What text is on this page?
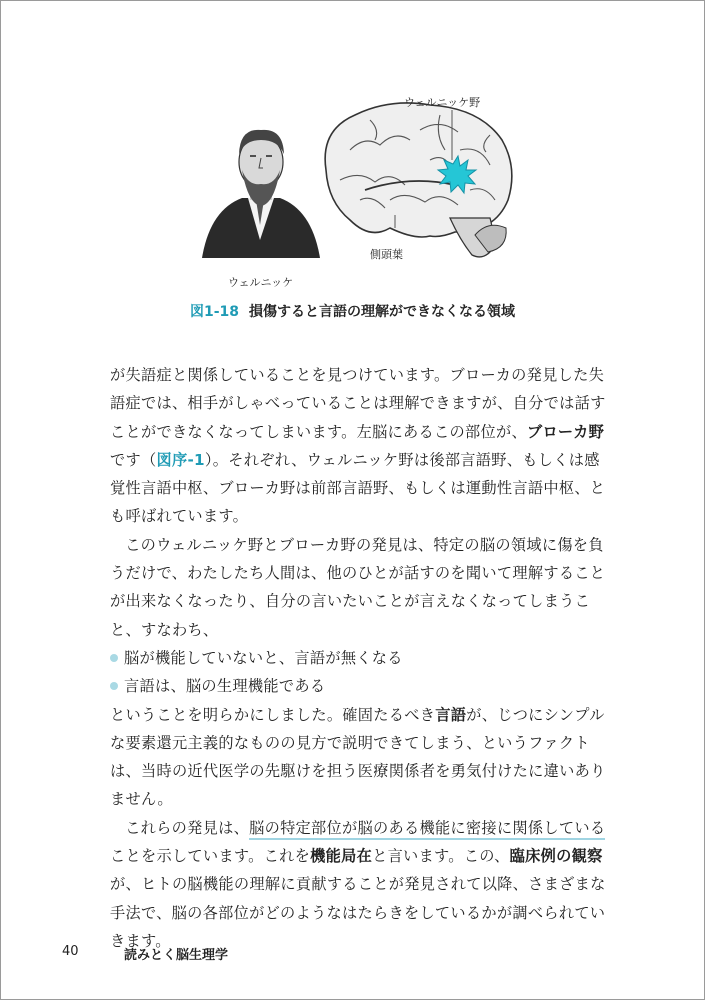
ウェルニッケ野
側頭葉
ウェルニッケ
図1-18 損傷すると言語の理解ができなくなる領域

が失語症と関係していることを見つけています。ブローカの発見した失語症では、相手がしゃべっていることは理解できますが、自分では話すことができなくなってしまいます。左脳にあるこの部位が、ブローカ野です（図序-1）。それぞれ、ウェルニッケ野は後部言語野、もしくは感覚性言語中枢、ブローカ野は前部言語野、もしくは運動性言語中枢、とも呼ばれています。

このウェルニッケ野とブローカ野の発見は、特定の脳の領域に傷を負うだけで、わたしたち人間は、他のひとが話すのを聞いて理解することが出来なくなったり、自分の言いたいことが言えなくなってしまうこと、すなわち、

脳が機能していないと、言語が無くなる
言語は、脳の生理機能である

ということを明らかにしました。確固たるべき言語が、じつにシンプルな要素還元主義的なものの見方で説明できてしまう、というファクトは、当時の近代医学の先駆けを担う医療関係者を勇気付けたに違いありません。

これらの発見は、脳の特定部位が脳のある機能に密接に関係していることを示しています。これを機能局在と言います。この、臨床例の観察が、ヒトの脳機能の理解に貢献することが発見されて以降、さまざまな手法で、脳の各部位がどのようなはたらきをしているかが調べられていきます。

40	読みとく脳生理学
